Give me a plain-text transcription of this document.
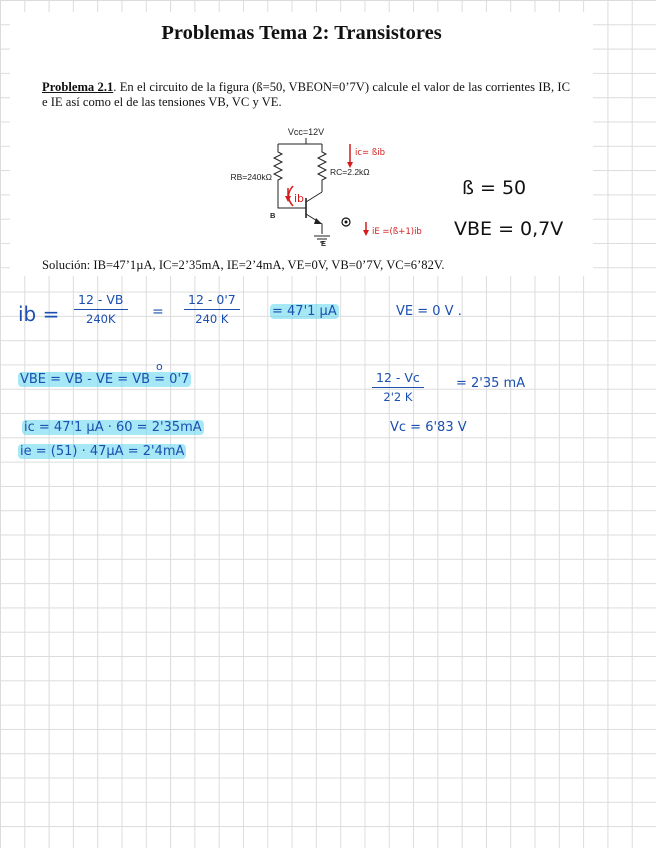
Problemas Tema 2: Transistores
Problema 2.1. En el circuito de la figura (ß=50, VBEON=0’7V) calcule el valor de las corrientes IB, IC e IE así como el de las tensiones VB, VC y VE.
Vcc=12V
RB=240kΩ	RC=2.2kΩ
B
E
ib
ic= ßib
iE =(ß+1)ib
ß = 50
VBE = 0,7V
Solución: IB=47’1µA, IC=2’35mA, IE=2’4mA, VE=0V, VB=0’7V, VC=6’82V.
ib = $\frac{12 - VB}{240K} = \frac{12 - 0'7}{240 K} = 47'1$ µA	VE = 0 V .
VBE = VB - VE = VB = 0'7
o
$\frac{12 - Vc}{2'2 K} = 2'35$ mA
ic = 47'1 µA · 60 = 2'35mA	Vc = 6'83 V
ie = (51) · 47µA = 2'4mA
